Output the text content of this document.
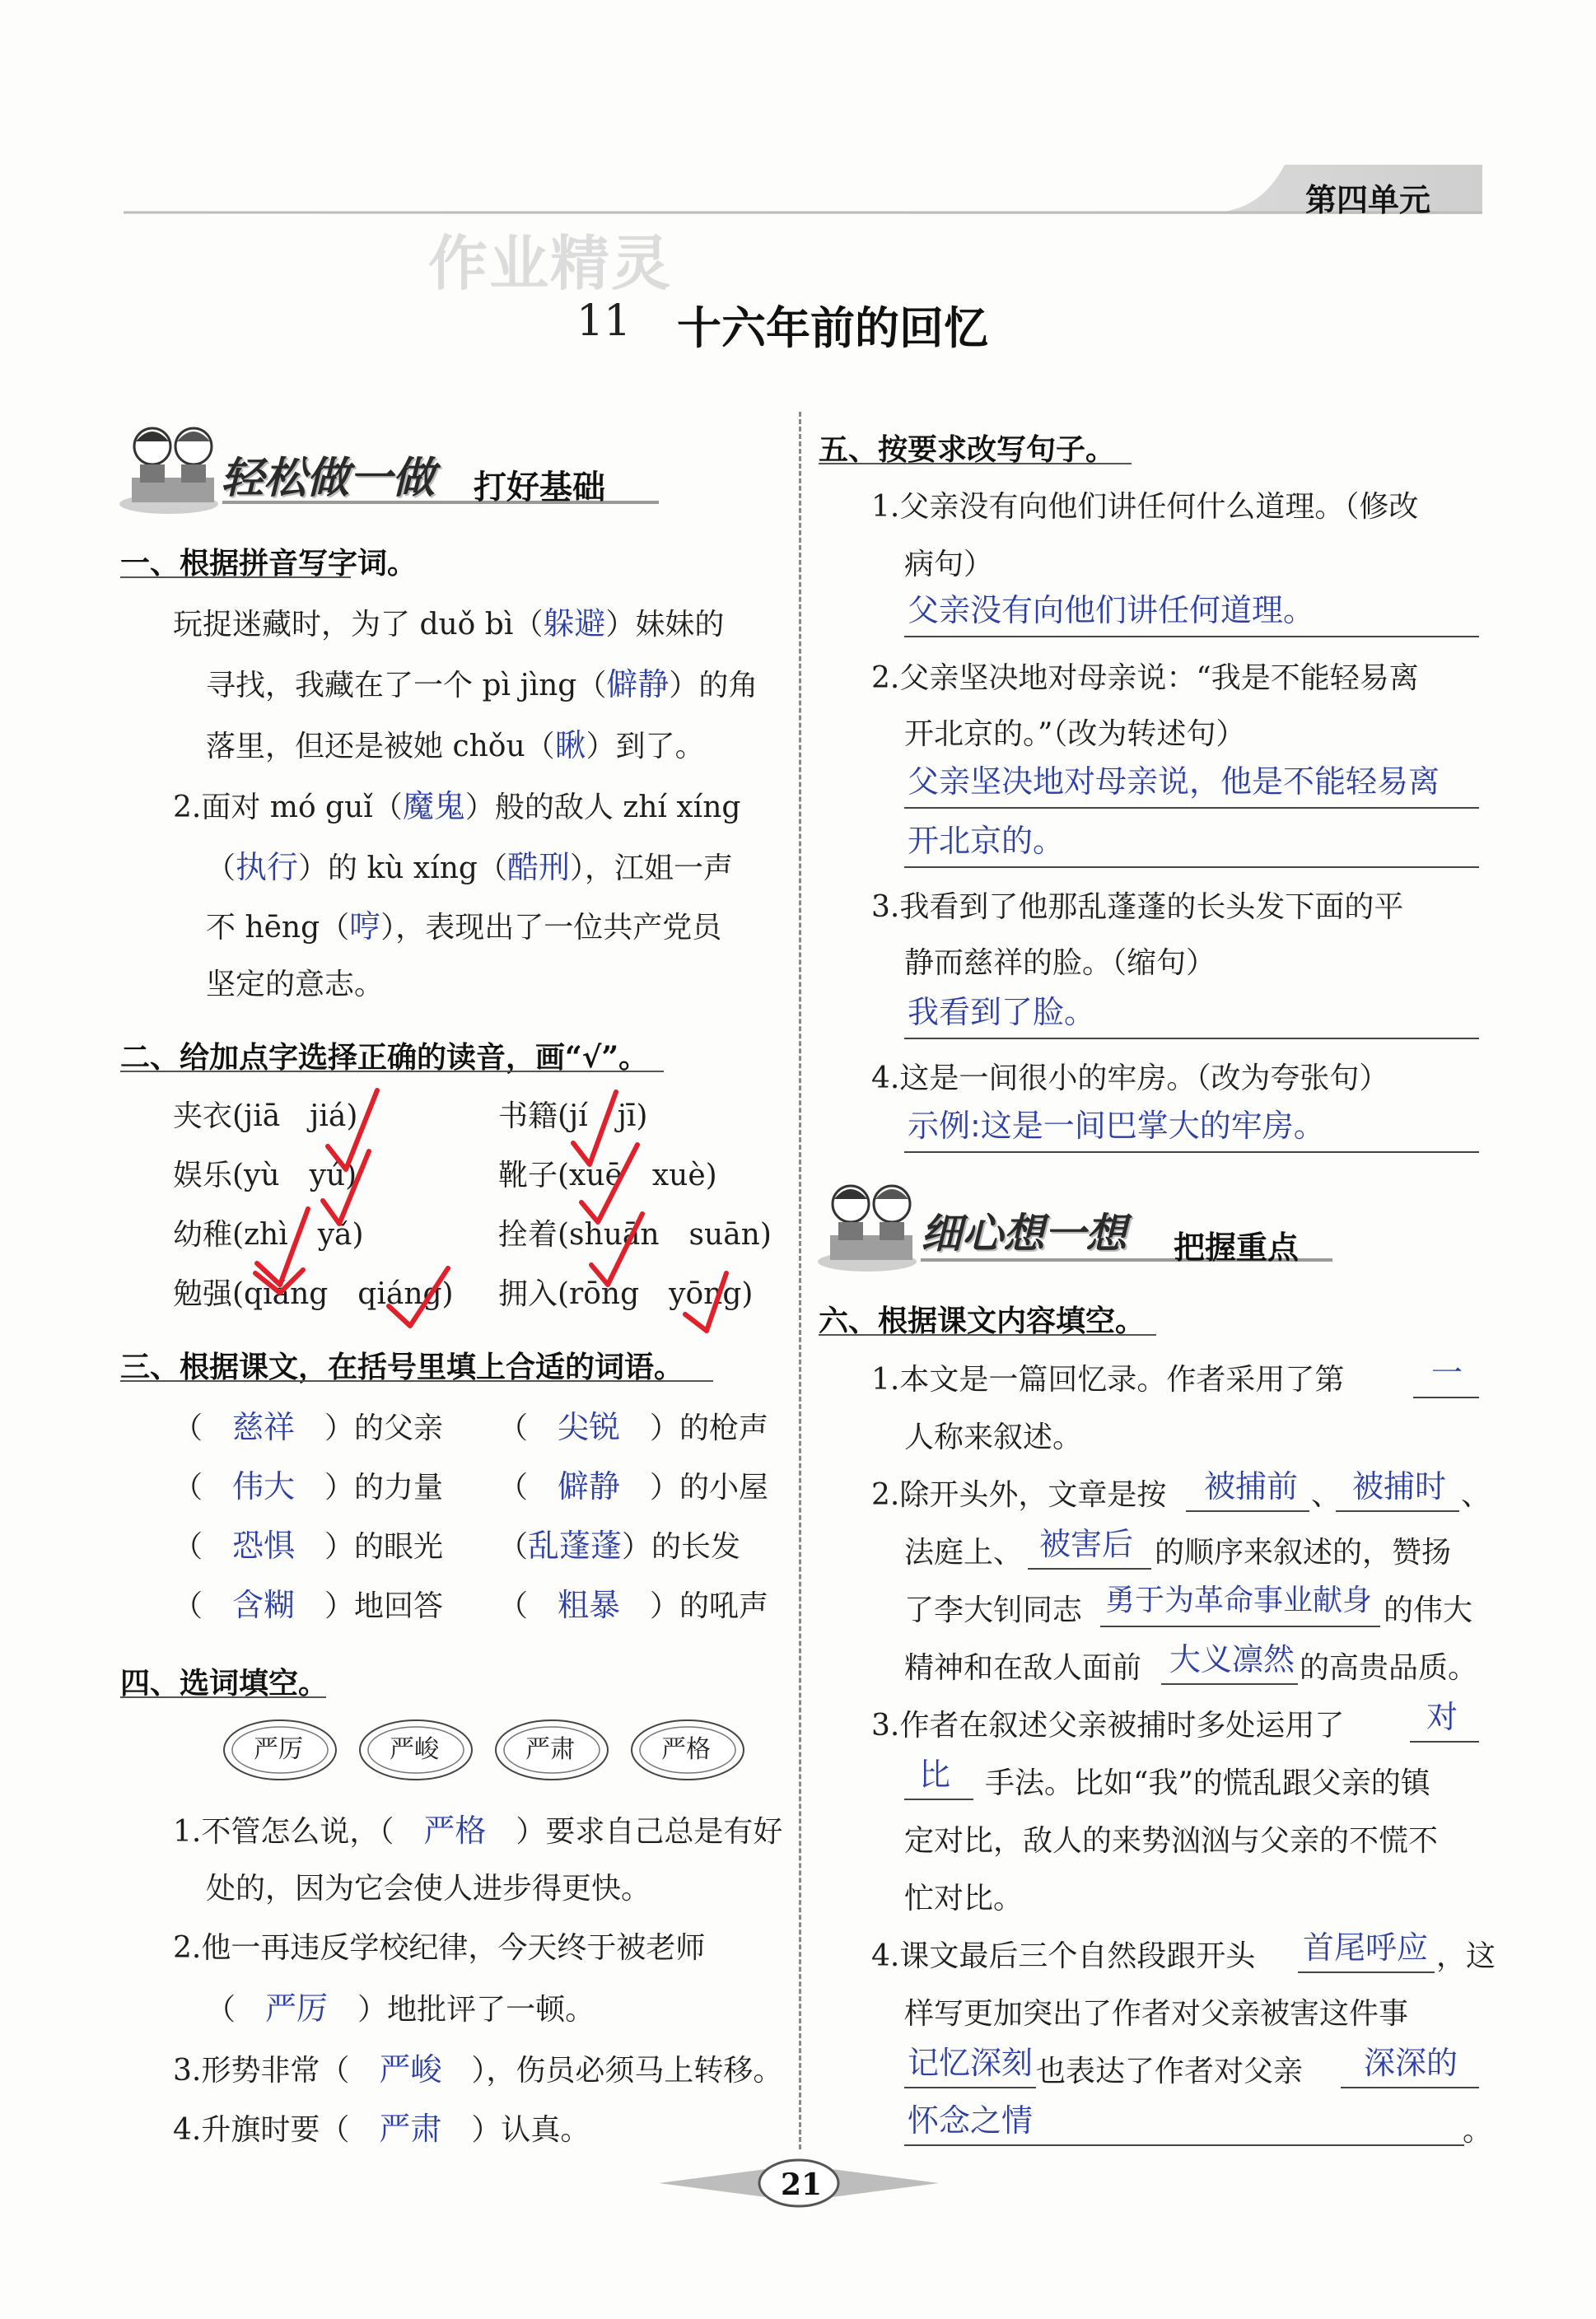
第四单元
作业精灵
11 十六年前的回忆
轻松做一做 打好基础
一、根据拼音写字词。
玩捉迷藏时，为了 duǒ bì（躲避）妹妹的
寻找，我藏在了一个 pì jìng（僻静）的角
落里，但还是被她 chǒu（瞅）到了。
2.面对 mó guǐ（魔鬼）般的敌人 zhí xíng
（执行）的 kù xíng（酷刑），江姐一声
不 hēng（哼），表现出了一位共产党员
坚定的意志。
二、给加点字选择正确的读音，画“√”。
夹衣(jiā　jiá)	书籍(jí　jī)
娱乐(yù　yú)	靴子(xuē　xuè)
幼稚(zhì　yǎ)	拴着(shuān　suān)
勉强(qiǎng　qiáng) 拥入(rōng　yōng)
三、根据课文，在括号里填上合适的词语。
（　慈祥　 ）的父亲 （　尖锐　 ）的枪声
（　伟大　 ）的力量 （　僻静　 ）的小屋
（　恐惧　 ）的眼光 （乱蓬蓬）的长发
（　含糊　 ）地回答 （　粗暴　 ）的吼声
四、选词填空。
严厉	严峻	严肃	严格
1.不管怎么说，（　 严格　 ）要求自己总是有好
处的，因为它会使人进步得更快。
2.他一再违反学校纪律，今天终于被老师
（　 严厉　 ）地批评了一顿。
3.形势非常（　 严峻　 ），伤员必须马上转移。
4.升旗时要（　 严肃　 ）认真。
五、按要求改写句子。
1.父亲没有向他们讲任何什么道理。（修改
病句）
父亲没有向他们讲任何道理。
2.父亲坚决地对母亲说：“我是不能轻易离
开北京的。”（改为转述句）
父亲坚决地对母亲说，他是不能轻易离
开北京的。
3.我看到了他那乱蓬蓬的长头发下面的平
静而慈祥的脸。（缩句）
我看到了脸。
4.这是一间很小的牢房。（改为夸张句）
示例:这是一间巴掌大的牢房。
细心想一想 把握重点
六、根据课文内容填空。
1.本文是一篇回忆录。作者采用了第	一
人称来叙述。
2.除开头外，文章是按 被捕前 、 被捕时 、
法庭上、 被害后 的顺序来叙述的，赞扬
了李大钊同志 勇于为革命事业献身 的伟大
精神和在敌人面前 大义凛然 的高贵品质。
3.作者在叙述父亲被捕时多处运用了	对
比 手法。比如“我”的慌乱跟父亲的镇
定对比，敌人的来势汹汹与父亲的不慌不
忙对比。
4.课文最后三个自然段跟开头 首尾呼应 ，这
样写更加突出了作者对父亲被害这件事
记忆深刻 也表达了作者对父亲 深深的
怀念之情	。
21
